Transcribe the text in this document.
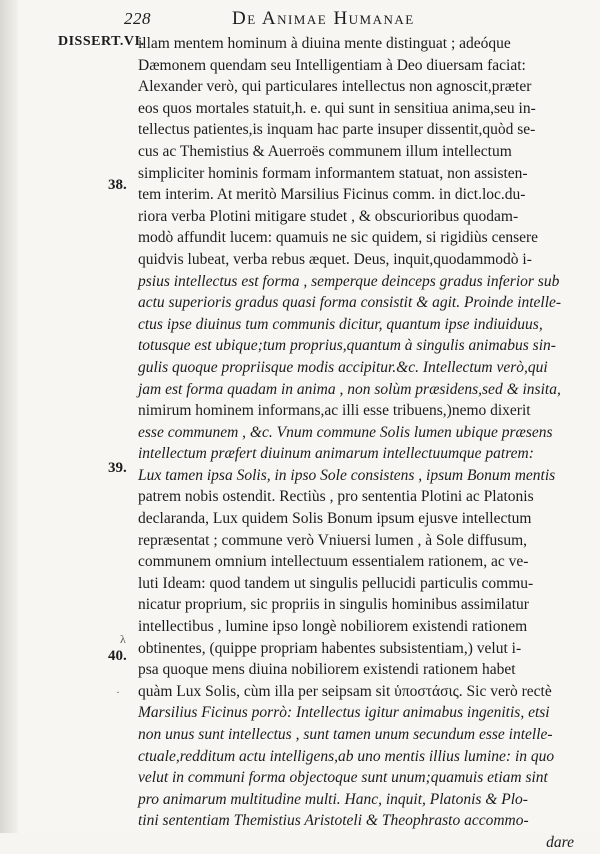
228	De Animae Humanae
DISSERT.VI.
38.
39.
40.
λ
·
illam mentem hominum à diuina mente distinguat ; adeóque
Dæmonem quendam seu Intelligentiam à Deo diuersam faciat:
Alexander verò, qui particulares intellectus non agnoscit,præter
eos quos mortales statuit,h. e. qui sunt in sensitiua anima,seu in-
tellectus patientes,is inquam hac parte insuper dissentit,quòd se-
cus ac Themistius & Auerroës communem illum intellectum
simpliciter hominis formam informantem statuat, non assisten-
tem interim. At meritò Marsilius Ficinus comm. in dict.loc.du-
riora verba Plotini mitigare studet , & obscurioribus quodam-
modò affundit lucem: quamuis ne sic quidem, si rigidiùs censere
quidvis lubeat, verba rebus æquet. Deus, inquit,quodammodò i-
psius intellectus est forma , semperque deinceps gradus inferior sub
actu superioris gradus quasi forma consistit & agit. Proinde intelle-
ctus ipse diuinus tum communis dicitur, quantum ipse indiuiduus,
totusque est ubique;tum proprius,quantum à singulis animabus sin-
gulis quoque propriisque modis accipitur.&c. Intellectum verò,qui
jam est forma quadam in anima , non solùm præsidens,sed & insita,
nimirum hominem informans,ac illi esse tribuens,)nemo dixerit
esse communem , &c. Vnum commune Solis lumen ubique præsens
intellectum præfert diuinum animarum intellectuumque patrem:
Lux tamen ipsa Solis, in ipso Sole consistens , ipsum Bonum mentis
patrem nobis ostendit. Rectiùs , pro sententia Plotini ac Platonis
declaranda, Lux quidem Solis Bonum ipsum ejusve intellectum
repræsentat ; commune verò Vniuersi lumen , à Sole diffusum,
communem omnium intellectuum essentialem rationem, ac ve-
luti Ideam: quod tandem ut singulis pellucidi particulis commu-
nicatur proprium, sic propriis in singulis hominibus assimilatur
intellectibus , lumine ipso longè nobiliorem existendi rationem
obtinentes, (quippe propriam habentes subsistentiam,) velut i-
psa quoque mens diuina nobiliorem existendi rationem habet
quàm Lux Solis, cùm illa per seipsam sit ὑποστάσις. Sic verò rectè
Marsilius Ficinus porrò: Intellectus igitur animabus ingenitis, etsi
non unus sunt intellectus , sunt tamen unum secundum esse intelle-
ctuale,redditum actu intelligens,ab uno mentis illius lumine: in quo
velut in communi forma objectoque sunt unum;quamuis etiam sint
pro animarum multitudine multi. Hanc, inquit, Platonis & Plo-
tini sententiam Themistius Aristoteli & Theophrasto accommo-
dare
